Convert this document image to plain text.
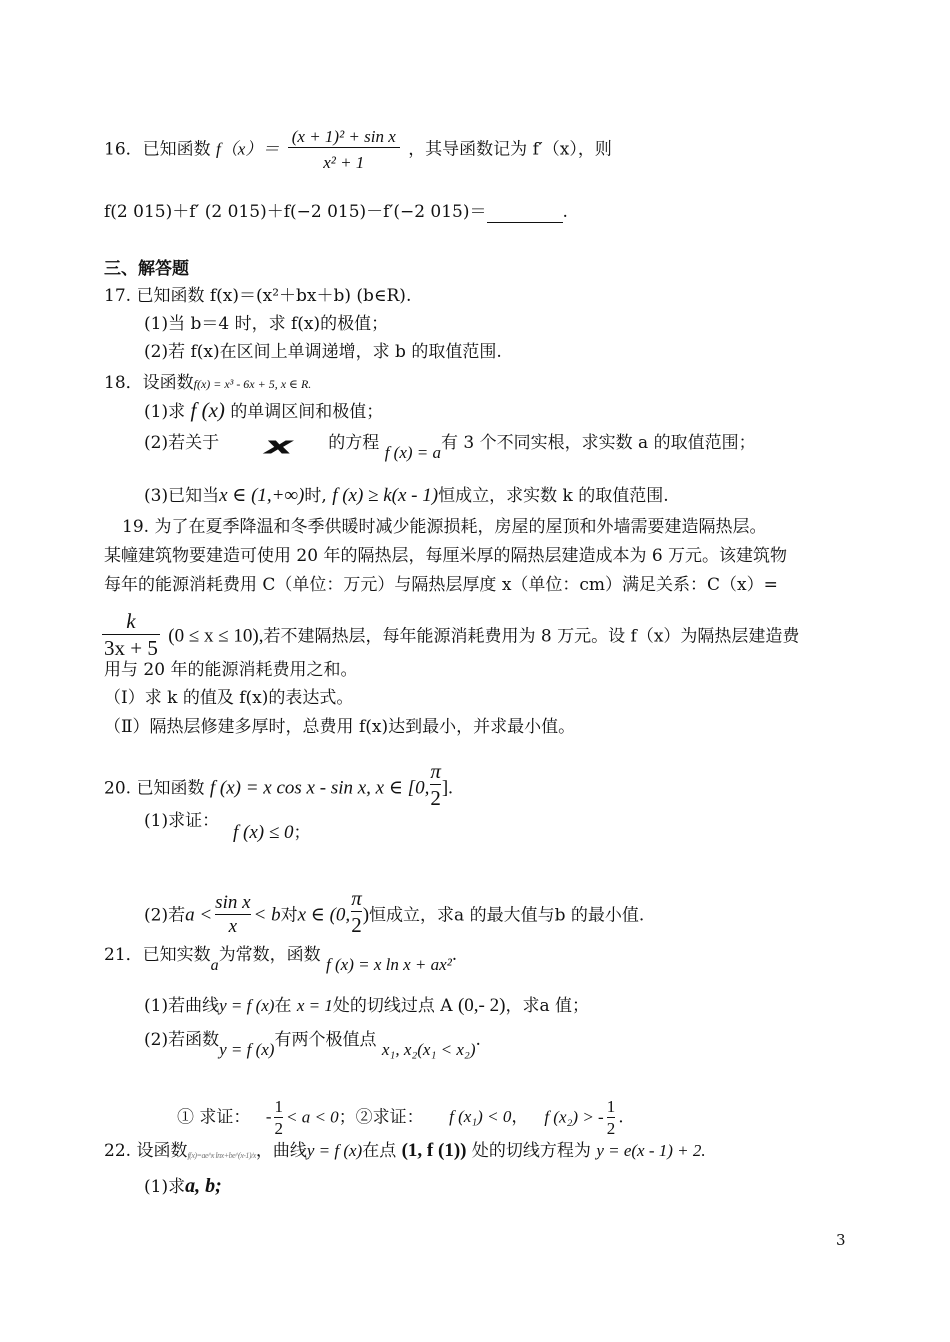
16．已知函数 $f(x)= \frac{\text{(x + 1)² + sin x}}{\text{x² + 1}}$ ，其导函数记为 f′（x），则
f(2 015)＋f′ (2 015)＋f(−2 015)－f′(−2 015)＝	.
三、解答题
17. 已知函数 f(x)＝(x²＋bx＋b) (b∈R).
(1)当 b＝4 时，求 f(x)的极值；
(2)若 f(x)在区间上单调递增，求 b 的取值范围.
18．设函数f(x) = x³ - 6x + 5, x ∈ R.
(1)求 f (x) 的单调区间和极值；
(2)若关于 x 的方程 f (x) = a有 3 个不同实根，求实数 a 的取值范围；
(3)已知当x ∈ (1,+∞)时, f (x) ≥ k(x - 1)恒成立，求实数 k 的取值范围.
19. 为了在夏季降温和冬季供暖时减少能源损耗，房屋的屋顶和外墙需要建造隔热层。
某幢建筑物要建造可使用 20 年的隔热层，每厘米厚的隔热层建造成本为 6 万元。该建筑物
每年的能源消耗费用 C（单位：万元）与隔热层厚度 x（单位：cm）满足关系：C（x）=
$\frac{k}{3x + 5} (0 \le x \le 10)$,若不建隔热层，每年能源消耗费用为 8 万元。设 f（x）为隔热层建造费
用与 20 年的能源消耗费用之和。
（Ⅰ）求 k 的值及 f(x)的表达式。
（Ⅱ）隔热层修建多厚时，总费用 f(x)达到最小，并求最小值。
20. 已知函数 f (x) = x cos x - sin x, x ∈ [0, $\frac{\pi}{2}$ ].
(1)求证：
f (x) ≤ 0；
(2)若$a < \frac{\text{sin x}}{x} < b$对x ∈ (0, $\frac{\pi}{2}$ )恒成立，求a 的最大值与b 的最小值.
21．已知实数a为常数，函数 f (x) = x ln x + ax².
(1)若曲线y = f (x)在 x = 1处的切线过点 A (0,- 2)，求a 值；
(2)若函数y = f (x)有两个极值点 x₁, x₂(x₁ < x₂).
① 求证： - $\frac{1}{2} < a < 0$；②求证： f (x₁) < 0， f (x₂) > - $\frac{1}{2}$ .
22. 设函数f(x)=ae^x lnx+be^(x-1)/x，曲线y = f (x)在点 (1, f (1)) 处的切线方程为 y = e(x - 1) + 2.
(1)求a, b;
3
